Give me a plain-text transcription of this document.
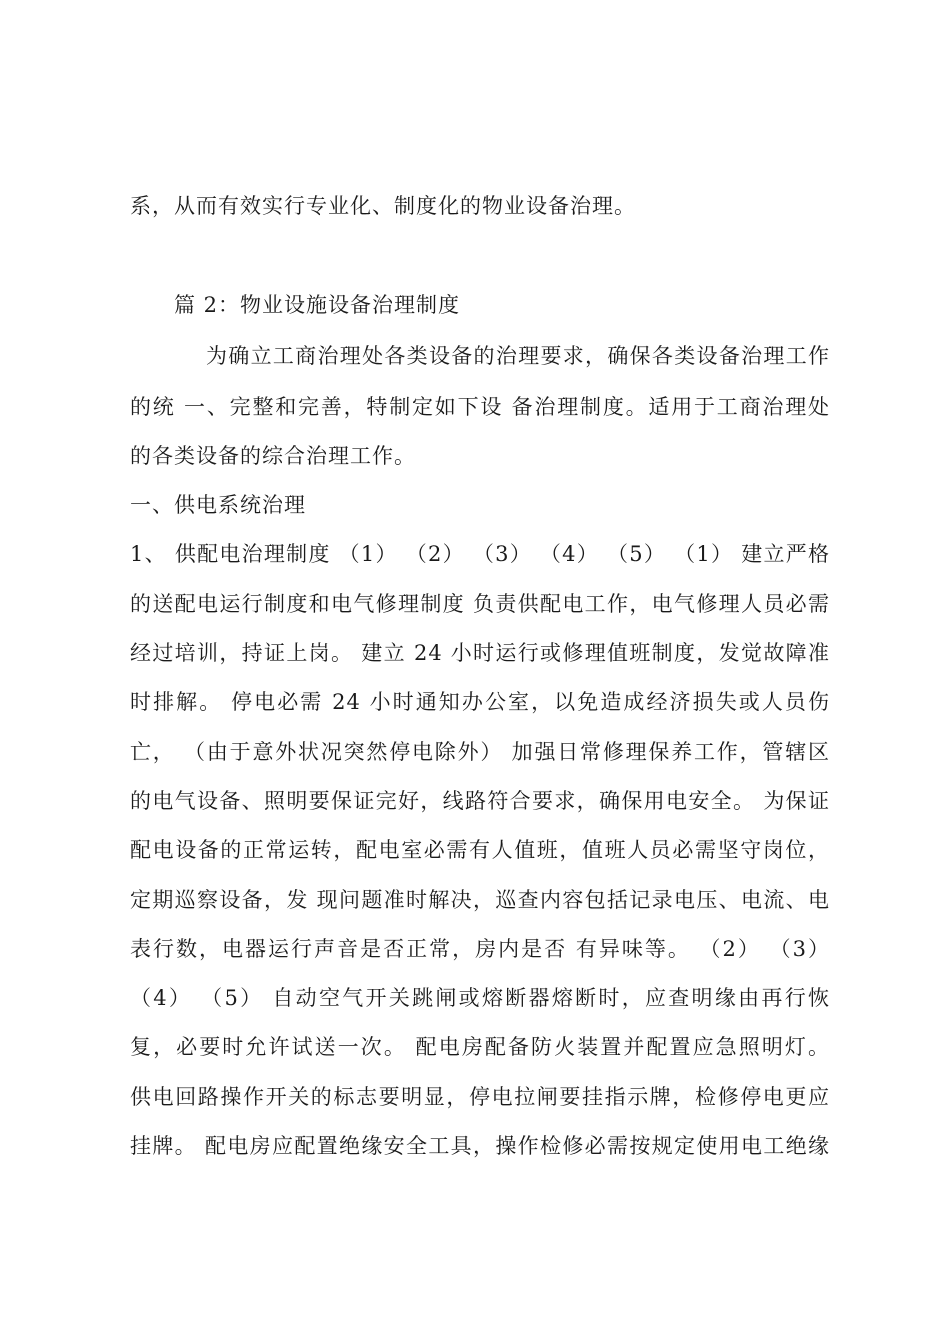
系，从而有效实行专业化、制度化的物业设备治理。
篇 2：物业设施设备治理制度
为确立工商治理处各类设备的治理要求，确保各类设备治理工作
的统 一、完整和完善，特制定如下设 备治理制度。适用于工商治理处
的各类设备的综合治理工作。
一、供电系统治理
1、 供配电治理制度 （1） （2） （3） （4） （5） （1） 建立严格
的送配电运行制度和电气修理制度 负责供配电工作，电气修理人员必需
经过培训，持证上岗。 建立 24 小时运行或修理值班制度，发觉故障准
时排解。 停电必需 24 小时通知办公室，以免造成经济损失或人员伤
亡， （由于意外状况突然停电除外） 加强日常修理保养工作，管辖区
的电气设备、照明要保证完好，线路符合要求，确保用电安全。 为保证
配电设备的正常运转，配电室必需有人值班，值班人员必需坚守岗位，
定期巡察设备，发 现问题准时解决，巡查内容包括记录电压、电流、电
表行数，电器运行声音是否正常，房内是否 有异味等。 （2） （3）
（4） （5） 自动空气开关跳闸或熔断器熔断时，应查明缘由再行恢
复，必要时允许试送一次。 配电房配备防火装置并配置应急照明灯。
供电回路操作开关的标志要明显，停电拉闸要挂指示牌，检修停电更应
挂牌。 配电房应配置绝缘安全工具，操作检修必需按规定使用电工绝缘
